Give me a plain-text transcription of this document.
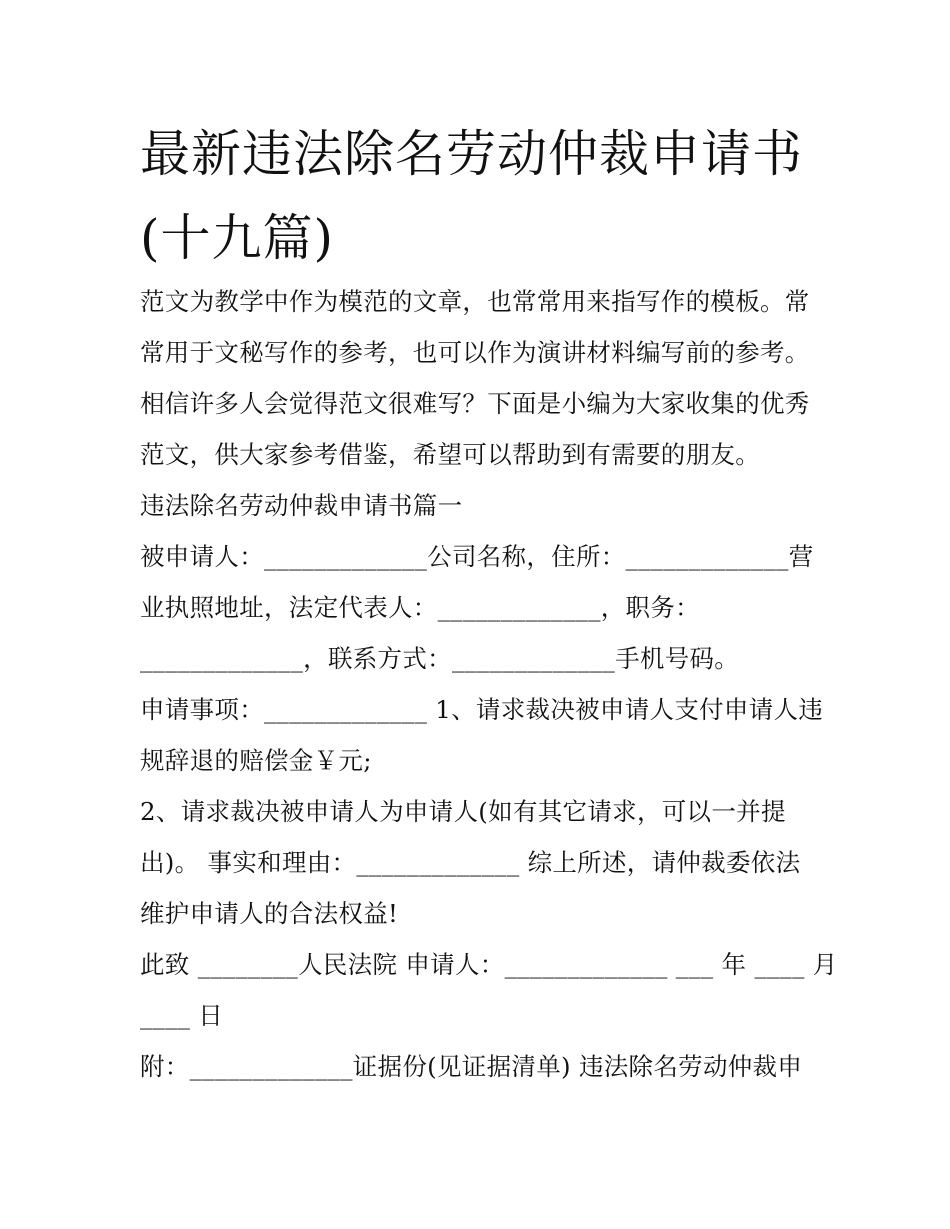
最新违法除名劳动仲裁申请书
(十九篇)
范文为教学中作为模范的文章，也常常用来指写作的模板。常
常用于文秘写作的参考，也可以作为演讲材料编写前的参考。
相信许多人会觉得范文很难写？下面是小编为大家收集的优秀
范文，供大家参考借鉴，希望可以帮助到有需要的朋友。
违法除名劳动仲裁申请书篇一
被申请人：_____________公司名称，住所：_____________营
业执照地址，法定代表人：_____________，职务：
_____________，联系方式：_____________手机号码。
申请事项：_____________ 1、请求裁决被申请人支付申请人违
规辞退的赔偿金￥元;
2、请求裁决被申请人为申请人(如有其它请求，可以一并提
出)。 事实和理由：_____________ 综上所述，请仲裁委依法
维护申请人的合法权益!
此致 ________人民法院 申请人：_____________ ___ 年 ____ 月
____ 日
附：_____________证据份(见证据清单) 违法除名劳动仲裁申
